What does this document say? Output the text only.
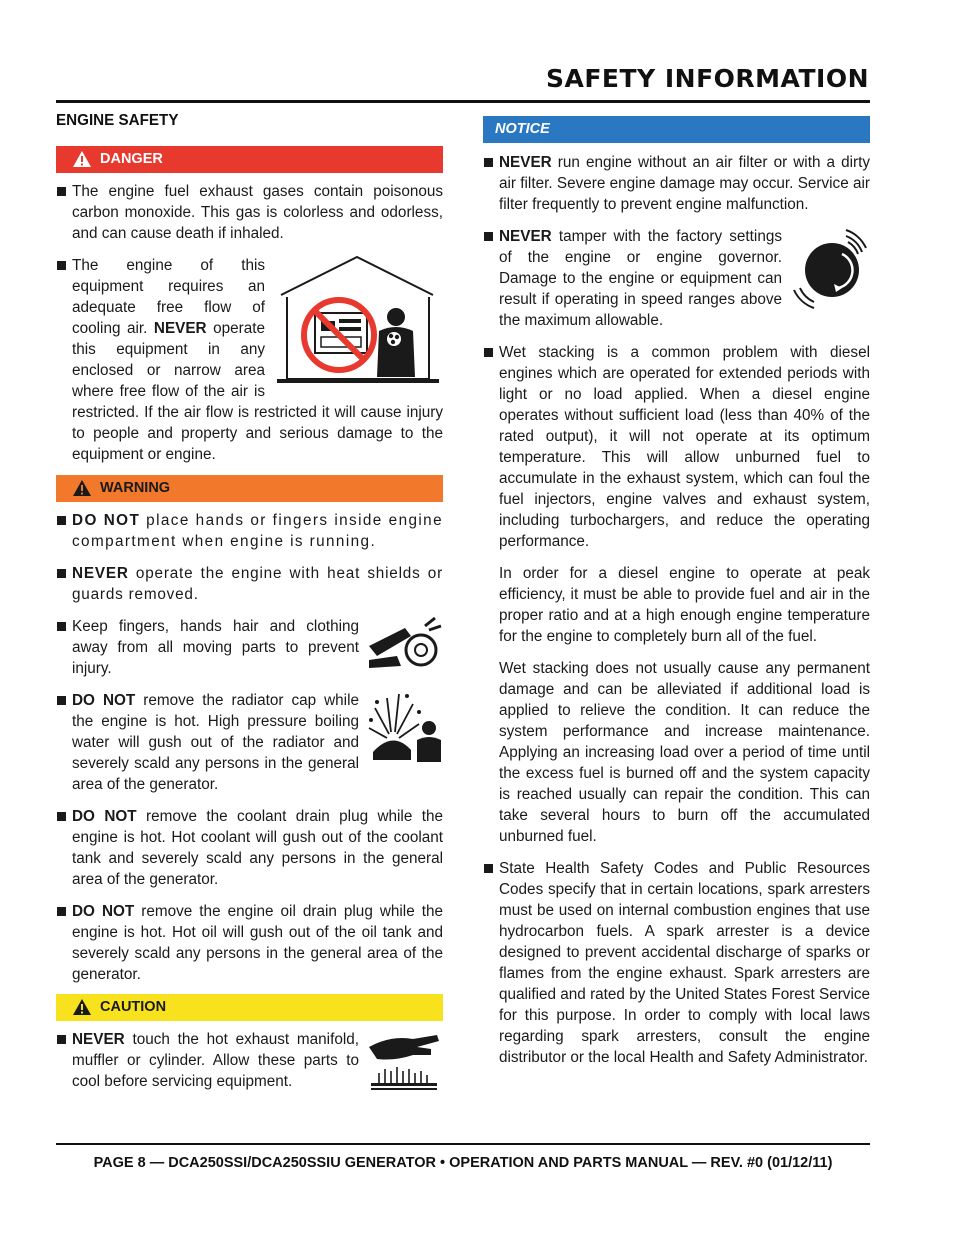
SAFETY INFORMATION
ENGINE SAFETY
DANGER
The engine fuel exhaust gases contain poisonous carbon monoxide. This gas is colorless and odorless, and can cause death if inhaled.
The engine of this equipment requires an adequate free flow of cooling air. NEVER operate this equipment in any enclosed or narrow area where free flow of the air is restricted. If the air flow is restricted it will cause injury to people and property and serious damage to the equipment or engine.
WARNING
DO NOT place hands or fingers inside engine compartment when engine is running.
NEVER operate the engine with heat shields or guards removed.
Keep fingers, hands hair and clothing away from all moving parts to prevent injury.
DO NOT remove the radiator cap while the engine is hot. High pressure boiling water will gush out of the radiator and severely scald any persons in the general area of the generator.
DO NOT remove the coolant drain plug while the engine is hot. Hot coolant will gush out of the coolant tank and severely scald any persons in the general area of the generator.
DO NOT remove the engine oil drain plug while the engine is hot. Hot oil will gush out of the oil tank and severely scald any persons in the general area of the generator.
CAUTION
NEVER touch the hot exhaust manifold, muffler or cylinder. Allow these parts to cool before servicing equipment.
NOTICE
NEVER run engine without an air filter or with a dirty air filter. Severe engine damage may occur. Service air filter frequently to prevent engine malfunction.
NEVER tamper with the factory settings of the engine or engine governor. Damage to the engine or equipment can result if operating in speed ranges above the maximum allowable.
Wet stacking is a common problem with diesel engines which are operated for extended periods with light or no load applied. When a diesel engine operates without sufficient load (less than 40% of the rated output), it will not operate at its optimum temperature. This will allow unburned fuel to accumulate in the exhaust system, which can foul the fuel injectors, engine valves and exhaust system, including turbochargers, and reduce the operating performance.
In order for a diesel engine to operate at peak efficiency, it must be able to provide fuel and air in the proper ratio and at a high enough engine temperature for the engine to completely burn all of the fuel.
Wet stacking does not usually cause any permanent damage and can be alleviated if additional load is applied to relieve the condition. It can reduce the system performance and increase maintenance. Applying an increasing load over a period of time until the excess fuel is burned off and the system capacity is reached usually can repair the condition. This can take several hours to burn off the accumulated unburned fuel.
State Health Safety Codes and Public Resources Codes specify that in certain locations, spark arresters must be used on internal combustion engines that use hydrocarbon fuels. A spark arrester is a device designed to prevent accidental discharge of sparks or flames from the engine exhaust. Spark arresters are qualified and rated by the United States Forest Service for this purpose. In order to comply with local laws regarding spark arresters, consult the engine distributor or the local Health and Safety Administrator.
PAGE 8 — DCA250SSI/DCA250SSIU GENERATOR • OPERATION AND PARTS MANUAL — REV. #0 (01/12/11)
